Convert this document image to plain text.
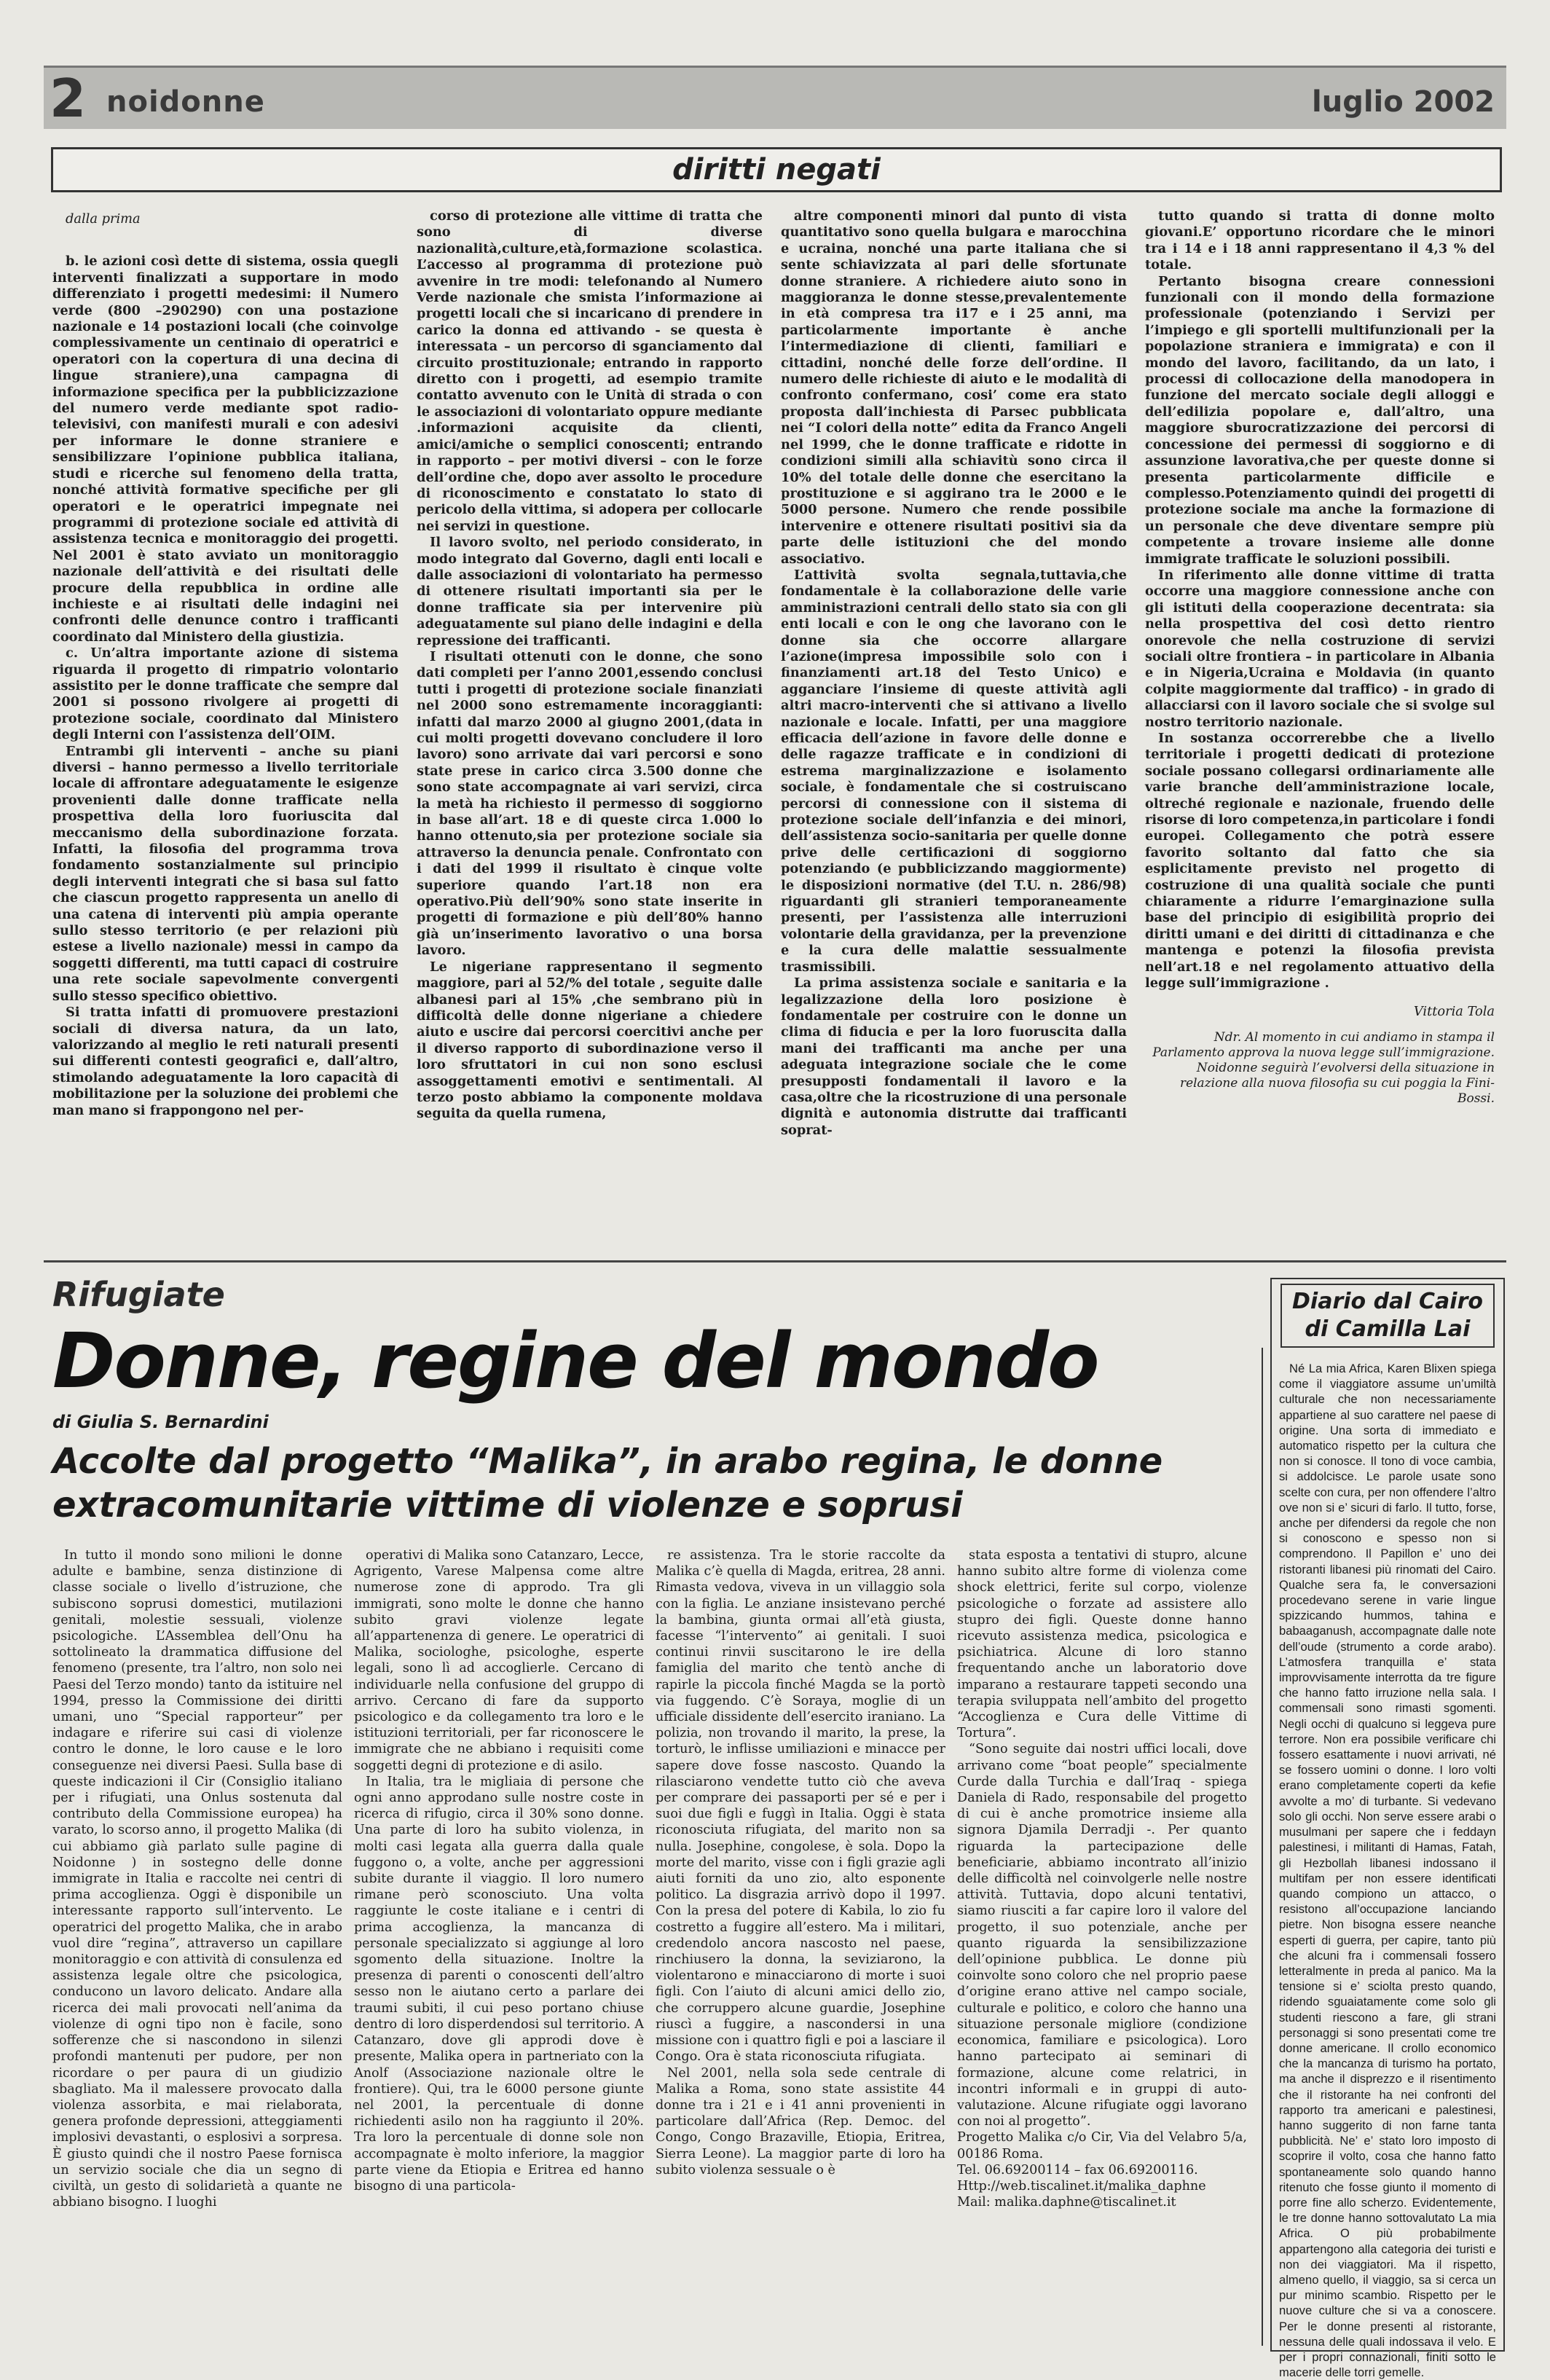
2 noidonne	luglio 2002
diritti negati

dalla prima

b. le azioni così dette di sistema, ossia quegli interventi finalizzati a supportare in modo differenziato i progetti medesimi: il Numero verde (800 –290290) con una postazione nazionale e 14 postazioni locali (che coinvolge complessivamente un centinaio di operatrici e operatori con la copertura di una decina di lingue straniere),una campagna di informazione specifica per la pubblicizzazione del numero verde mediante spot radio-televisivi, con manifesti murali e con adesivi per informare le donne straniere e sensibilizzare l’opinione pubblica italiana, studi e ricerche sul fenomeno della tratta, nonché attività formative specifiche per gli operatori e le operatrici impegnate nei programmi di protezione sociale ed attività di assistenza tecnica e monitoraggio dei progetti. Nel 2001 è stato avviato un monitoraggio nazionale dell’attività e dei risultati delle procure della repubblica in ordine alle inchieste e ai risultati delle indagini nei confronti delle denunce contro i trafficanti coordinato dal Ministero della giustizia.

c. Un’altra importante azione di sistema riguarda il progetto di rimpatrio volontario assistito per le donne trafficate che sempre dal 2001 si possono rivolgere ai progetti di protezione sociale, coordinato dal Ministero degli Interni con l’assistenza dell’OIM.

Entrambi gli interventi – anche su piani diversi – hanno permesso a livello territoriale locale di affrontare adeguatamente le esigenze provenienti dalle donne trafficate nella prospettiva della loro fuoriuscita dal meccanismo della subordinazione forzata. Infatti, la filosofia del programma trova fondamento sostanzialmente sul principio degli interventi integrati che si basa sul fatto che ciascun progetto rappresenta un anello di una catena di interventi più ampia operante sullo stesso territorio (e per relazioni più estese a livello nazionale) messi in campo da soggetti differenti, ma tutti capaci di costruire una rete sociale sapevolmente convergenti sullo stesso specifico obiettivo.

Si tratta infatti di promuovere prestazioni sociali di diversa natura, da un lato, valorizzando al meglio le reti naturali presenti sui differenti contesti geografici e, dall’altro, stimolando adeguatamente la loro capacità di mobilitazione per la soluzione dei problemi che man mano si frappongono nel per-

corso di protezione alle vittime di tratta che sono di diverse nazionalità,culture,età,formazione scolastica. L’accesso al programma di protezione può avvenire in tre modi: telefonando al Numero Verde nazionale che smista l’informazione ai progetti locali che si incaricano di prendere in carico la donna ed attivando - se questa è interessata – un percorso di sganciamento dal circuito prostituzionale; entrando in rapporto diretto con i progetti, ad esempio tramite contatto avvenuto con le Unità di strada o con le associazioni di volontariato oppure mediante .informazioni acquisite da clienti, amici/amiche o semplici conoscenti; entrando in rapporto – per motivi diversi – con le forze dell’ordine che, dopo aver assolto le procedure di riconoscimento e constatato lo stato di pericolo della vittima, si adopera per collocarle nei servizi in questione.

Il lavoro svolto, nel periodo considerato, in modo integrato dal Governo, dagli enti locali e dalle associazioni di volontariato ha permesso di ottenere risultati importanti sia per le donne trafficate sia per intervenire più adeguatamente sul piano delle indagini e della repressione dei trafficanti.

I risultati ottenuti con le donne, che sono dati completi per l’anno 2001,essendo conclusi tutti i progetti di protezione sociale finanziati nel 2000 sono estremamente incoraggianti: infatti dal marzo 2000 al giugno 2001,(data in cui molti progetti dovevano concludere il loro lavoro) sono arrivate dai vari percorsi e sono state prese in carico circa 3.500 donne che sono state accompagnate ai vari servizi, circa la metà ha richiesto il permesso di soggiorno in base all’art. 18 e di queste circa 1.000 lo hanno ottenuto,sia per protezione sociale sia attraverso la denuncia penale. Confrontato con i dati del 1999 il risultato è cinque volte superiore quando l’art.18 non era operativo.Più dell’90% sono state inserite in progetti di formazione e più dell’80% hanno già un’inserimento lavorativo o una borsa lavoro.

Le nigeriane rappresentano il segmento maggiore, pari al 52/% del totale , seguite dalle albanesi pari al 15% ,che sembrano più in difficoltà delle donne nigeriane a chiedere aiuto e uscire dai percorsi coercitivi anche per il diverso rapporto di subordinazione verso il loro sfruttatori in cui non sono esclusi assoggettamenti emotivi e sentimentali. Al terzo posto abbiamo la componente moldava seguita da quella rumena,

altre componenti minori dal punto di vista quantitativo sono quella bulgara e marocchina e ucraina, nonché una parte italiana che si sente schiavizzata al pari delle sfortunate donne straniere. A richiedere aiuto sono in maggioranza le donne stesse,prevalentemente in età compresa tra i17 e i 25 anni, ma particolarmente importante è anche l’intermediazione di clienti, familiari e cittadini, nonché delle forze dell’ordine. Il numero delle richieste di aiuto e le modalità di confronto confermano, cosi’ come era stato proposta dall’inchiesta di Parsec pubblicata nei “I colori della notte” edita da Franco Angeli nel 1999, che le donne trafficate e ridotte in condizioni simili alla schiavitù sono circa il 10% del totale delle donne che esercitano la prostituzione e si aggirano tra le 2000 e le 5000 persone. Numero che rende possibile intervenire e ottenere risultati positivi sia da parte delle istituzioni che del mondo associativo.

L’attività svolta segnala,tuttavia,che fondamentale è la collaborazione delle varie amministrazioni centrali dello stato sia con gli enti locali e con le ong che lavorano con le donne sia che occorre allargare l’azione(impresa impossibile solo con i finanziamenti art.18 del Testo Unico) e agganciare l’insieme di queste attività agli altri macro-interventi che si attivano a livello nazionale e locale. Infatti, per una maggiore efficacia dell’azione in favore delle donne e delle ragazze trafficate e in condizioni di estrema marginalizzazione e isolamento sociale, è fondamentale che si costruiscano percorsi di connessione con il sistema di protezione sociale dell’infanzia e dei minori, dell’assistenza socio-sanitaria per quelle donne prive delle certificazioni di soggiorno potenziando (e pubblicizzando maggiormente) le disposizioni normative (del T.U. n. 286/98) riguardanti gli stranieri temporaneamente presenti, per l’assistenza alle interruzioni volontarie della gravidanza, per la prevenzione e la cura delle malattie sessualmente trasmissibili.

La prima assistenza sociale e sanitaria e la legalizzazione della loro posizione è fondamentale per costruire con le donne un clima di fiducia e per la loro fuoruscita dalla mani dei trafficanti ma anche per una adeguata integrazione sociale che le come presupposti fondamentali il lavoro e la casa,oltre che la ricostruzione di una personale dignità e autonomia distrutte dai trafficanti soprat-

tutto quando si tratta di donne molto giovani.E’ opportuno ricordare che le minori tra i 14 e i 18 anni rappresentano il 4,3 % del totale.

Pertanto bisogna creare connessioni funzionali con il mondo della formazione professionale (potenziando i Servizi per l’impiego e gli sportelli multifunzionali per la popolazione straniera e immigrata) e con il mondo del lavoro, facilitando, da un lato, i processi di collocazione della manodopera in funzione del mercato sociale degli alloggi e dell’edilizia popolare e, dall’altro, una maggiore sburocratizzazione dei percorsi di concessione dei permessi di soggiorno e di assunzione lavorativa,che per queste donne si presenta particolarmente difficile e complesso.Potenziamento quindi dei progetti di protezione sociale ma anche la formazione di un personale che deve diventare sempre più competente a trovare insieme alle donne immigrate trafficate le soluzioni possibili.

In riferimento alle donne vittime di tratta occorre una maggiore connessione anche con gli istituti della cooperazione decentrata: sia nella prospettiva del così detto rientro onorevole che nella costruzione di servizi sociali oltre frontiera – in particolare in Albania e in Nigeria,Ucraina e Moldavia (in quanto colpite maggiormente dal traffico) - in grado di allacciarsi con il lavoro sociale che si svolge sul nostro territorio nazionale.

In sostanza occorrerebbe che a livello territoriale i progetti dedicati di protezione sociale possano collegarsi ordinariamente alle varie branche dell’amministrazione locale, oltreché regionale e nazionale, fruendo delle risorse di loro competenza,in particolare i fondi europei. Collegamento che potrà essere favorito soltanto dal fatto che sia esplicitamente previsto nel progetto di costruzione di una qualità sociale che punti chiaramente a ridurre l’emarginazione sulla base del principio di esigibilità proprio dei diritti umani e dei diritti di cittadinanza e che mantenga e potenzi la filosofia prevista nell’art.18 e nel regolamento attuativo della legge sull’immigrazione .

Vittoria Tola

Ndr. Al momento in cui andiamo in stampa il Parlamento approva la nuova legge sull’immigrazione. Noidonne seguirà l’evolversi della situazione in relazione alla nuova filosofia su cui poggia la Fini-Bossi.

Rifugiate
Donne, regine del mondo
di Giulia S. Bernardini
Accolte dal progetto “Malika”, in arabo regina, le donne extracomunitarie vittime di violenze e soprusi

In tutto il mondo sono milioni le donne adulte e bambine, senza distinzione di classe sociale o livello d’istruzione, che subiscono soprusi domestici, mutilazioni genitali, molestie sessuali, violenze psicologiche. L’Assemblea dell’Onu ha sottolineato la drammatica diffusione del fenomeno (presente, tra l’altro, non solo nei Paesi del Terzo mondo) tanto da istituire nel 1994, presso la Commissione dei diritti umani, uno “Special rapporteur” per indagare e riferire sui casi di violenze contro le donne, le loro cause e le loro conseguenze nei diversi Paesi. Sulla base di queste indicazioni il Cir (Consiglio italiano per i rifugiati, una Onlus sostenuta dal contributo della Commissione europea) ha varato, lo scorso anno, il progetto Malika (di cui abbiamo già parlato sulle pagine di Noidonne ) in sostegno delle donne immigrate in Italia e raccolte nei centri di prima accoglienza. Oggi è disponibile un interessante rapporto sull’intervento. Le operatrici del progetto Malika, che in arabo vuol dire “regina”, attraverso un capillare monitoraggio e con attività di consulenza ed assistenza legale oltre che psicologica, conducono un lavoro delicato. Andare alla ricerca dei mali provocati nell’anima da violenze di ogni tipo non è facile, sono sofferenze che si nascondono in silenzi profondi mantenuti per pudore, per non ricordare o per paura di un giudizio sbagliato. Ma il malessere provocato dalla violenza assorbita, e mai rielaborata, genera profonde depressioni, atteggiamenti implosivi devastanti, o esplosivi a sorpresa. È giusto quindi che il nostro Paese fornisca un servizio sociale che dia un segno di civiltà, un gesto di solidarietà a quante ne abbiano bisogno. I luoghi

operativi di Malika sono Catanzaro, Lecce, Agrigento, Varese Malpensa come altre numerose zone di approdo. Tra gli immigrati, sono molte le donne che hanno subito gravi violenze legate all’appartenenza di genere. Le operatrici di Malika, sociologhe, psicologhe, esperte legali, sono lì ad accoglierle. Cercano di individuarle nella confusione del gruppo di arrivo. Cercano di fare da supporto psicologico e da collegamento tra loro e le istituzioni territoriali, per far riconoscere le immigrate che ne abbiano i requisiti come soggetti degni di protezione e di asilo.

In Italia, tra le migliaia di persone che ogni anno approdano sulle nostre coste in ricerca di rifugio, circa il 30% sono donne. Una parte di loro ha subito violenza, in molti casi legata alla guerra dalla quale fuggono o, a volte, anche per aggressioni subite durante il viaggio. Il loro numero rimane però sconosciuto. Una volta raggiunte le coste italiane e i centri di prima accoglienza, la mancanza di personale specializzato si aggiunge al loro sgomento della situazione. Inoltre la presenza di parenti o conoscenti dell’altro sesso non le aiutano certo a parlare dei traumi subiti, il cui peso portano chiuse dentro di loro disperdendosi sul territorio. A Catanzaro, dove gli approdi dove è presente, Malika opera in partneriato con la Anolf (Associazione nazionale oltre le frontiere). Qui, tra le 6000 persone giunte nel 2001, la percentuale di donne richiedenti asilo non ha raggiunto il 20%. Tra loro la percentuale di donne sole non accompagnate è molto inferiore, la maggior parte viene da Etiopia e Eritrea ed hanno bisogno di una particola-

re assistenza. Tra le storie raccolte da Malika c’è quella di Magda, eritrea, 28 anni. Rimasta vedova, viveva in un villaggio sola con la figlia. Le anziane insistevano perché la bambina, giunta ormai all’età giusta, facesse “l’intervento” ai genitali. I suoi continui rinvii suscitarono le ire della famiglia del marito che tentò anche di rapirle la piccola finché Magda se la portò via fuggendo. C’è Soraya, moglie di un ufficiale dissidente dell’esercito iraniano. La polizia, non trovando il marito, la prese, la torturò, le inflisse umiliazioni e minacce per sapere dove fosse nascosto. Quando la rilasciarono vendette tutto ciò che aveva per comprare dei passaporti per sé e per i suoi due figli e fuggì in Italia. Oggi è stata riconosciuta rifugiata, del marito non sa nulla. Josephine, congolese, è sola. Dopo la morte del marito, visse con i figli grazie agli aiuti forniti da uno zio, alto esponente politico. La disgrazia arrivò dopo il 1997. Con la presa del potere di Kabila, lo zio fu costretto a fuggire all’estero. Ma i militari, credendolo ancora nascosto nel paese, rinchiusero la donna, la seviziarono, la violentarono e minacciarono di morte i suoi figli. Con l’aiuto di alcuni amici dello zio, che corruppero alcune guardie, Josephine riuscì a fuggire, a nascondersi in una missione con i quattro figli e poi a lasciare il Congo. Ora è stata riconosciuta rifugiata.

Nel 2001, nella sola sede centrale di Malika a Roma, sono state assistite 44 donne tra i 21 e i 41 anni provenienti in particolare dall’Africa (Rep. Democ. del Congo, Congo Brazaville, Etiopia, Eritrea, Sierra Leone). La maggior parte di loro ha subito violenza sessuale o è

stata esposta a tentativi di stupro, alcune hanno subito altre forme di violenza come shock elettrici, ferite sul corpo, violenze psicologiche o forzate ad assistere allo stupro dei figli. Queste donne hanno ricevuto assistenza medica, psicologica e psichiatrica. Alcune di loro stanno frequentando anche un laboratorio dove imparano a restaurare tappeti secondo una terapia sviluppata nell’ambito del progetto “Accoglienza e Cura delle Vittime di Tortura”.

“Sono seguite dai nostri uffici locali, dove arrivano come “boat people” specialmente Curde dalla Turchia e dall’Iraq - spiega Daniela di Rado, responsabile del progetto di cui è anche promotrice insieme alla signora Djamila Derradji -. Per quanto riguarda la partecipazione delle beneficiarie, abbiamo incontrato all’inizio delle difficoltà nel coinvolgerle nelle nostre attività. Tuttavia, dopo alcuni tentativi, siamo riusciti a far capire loro il valore del progetto, il suo potenziale, anche per quanto riguarda la sensibilizzazione dell’opinione pubblica. Le donne più coinvolte sono coloro che nel proprio paese d’origine erano attive nel campo sociale, culturale e politico, e coloro che hanno una situazione personale migliore (condizione economica, familiare e psicologica). Loro hanno partecipato ai seminari di formazione, alcune come relatrici, in incontri informali e in gruppi di auto-valutazione. Alcune rifugiate oggi lavorano con noi al progetto”.

Progetto Malika c/o Cir, Via del Velabro 5/a, 00186 Roma.

Tel. 06.69200114 – fax 06.69200116.

Http://web.tiscalinet.it/malika_daphne

Mail: malika.daphne@tiscalinet.it

Diario dal Cairo
di Camilla Lai

Né La mia Africa, Karen Blixen spiega come il viaggiatore assume un’umiltà culturale che non necessariamente appartiene al suo carattere nel paese di origine. Una sorta di immediato e automatico rispetto per la cultura che non si conosce. Il tono di voce cambia, si addolcisce. Le parole usate sono scelte con cura, per non offendere l’altro ove non si e’ sicuri di farlo. Il tutto, forse, anche per difendersi da regole che non si conoscono e spesso non si comprendono. Il Papillon e’ uno dei ristoranti libanesi più rinomati del Cairo. Qualche sera fa, le conversazioni procedevano serene in varie lingue spizzicando hummos, tahina e babaaganush, accompagnate dalle note dell’oude (strumento a corde arabo). L’atmosfera tranquilla e’ stata improvvisamente interrotta da tre figure che hanno fatto irruzione nella sala. I commensali sono rimasti sgomenti. Negli occhi di qualcuno si leggeva pure terrore. Non era possibile verificare chi fossero esattamente i nuovi arrivati, né se fossero uomini o donne. I loro volti erano completamente coperti da kefie avvolte a mo’ di turbante. Si vedevano solo gli occhi. Non serve essere arabi o musulmani per sapere che i feddayn palestinesi, i militanti di Hamas, Fatah, gli Hezbollah libanesi indossano il multifam per non essere identificati quando compiono un attacco, o resistono all’occupazione lanciando pietre. Non bisogna essere neanche esperti di guerra, per capire, tanto più che alcuni fra i commensali fossero letteralmente in preda al panico. Ma la tensione si e’ sciolta presto quando, ridendo sguaiatamente come solo gli studenti riescono a fare, gli strani personaggi si sono presentati come tre donne americane. Il crollo economico che la mancanza di turismo ha portato, ma anche il disprezzo e il risentimento che il ristorante ha nei confronti del rapporto tra americani e palestinesi, hanno suggerito di non farne tanta pubblicità. Ne’ e’ stato loro imposto di scoprire il volto, cosa che hanno fatto spontaneamente solo quando hanno ritenuto che fosse giunto il momento di porre fine allo scherzo. Evidentemente, le tre donne hanno sottovalutato La mia Africa. O più probabilmente appartengono alla categoria dei turisti e non dei viaggiatori. Ma il rispetto, almeno quello, il viaggio, sa si cerca un pur minimo scambio. Rispetto per le nuove culture che si va a conoscere. Per le donne presenti al ristorante, nessuna delle quali indossava il velo. E per i propri connazionali, finiti sotto le macerie delle torri gemelle.
